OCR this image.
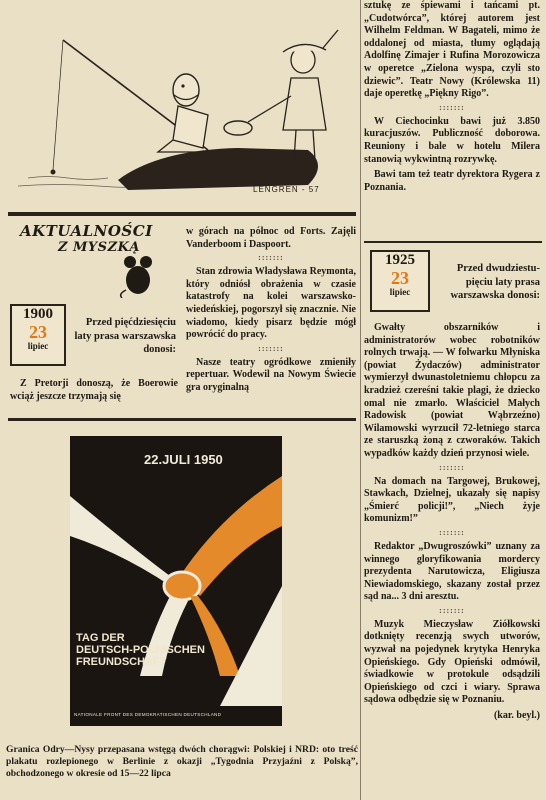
LENGREN - 57

sztukę ze śpiewami i tańcami pt. „Cudotwórca”, której autorem jest Wilhelm Feldman. W Bagateli, mimo że oddalonej od miasta, tłumy oglądają Adolfinę Zimajer i Rufina Morozowicza w operetce „Zielona wyspa, czyli sto dziewic”. Teatr Nowy (Królewska 11) daje operetkę „Piękny Rigo”.

:::::::

W Ciechocinku bawi już 3.850 kuracjuszów. Publiczność doborowa. Reuniony i bale w hotelu Milera stanowią wykwintną rozrywkę.

Bawi tam też teatr dyrektora Rygera z Poznania.

AKTUALNOŚCI
Z MYSZKĄ
1900
23
lipiec
Przed pięćdziesięciu laty prasa warszawska donosi:

Z Pretorji donoszą, że Boerowie wciąż jeszcze trzymają się

w górach na północ od Forts. Zajęli Vanderboom i Daspoort.

:::::::

Stan zdrowia Władysława Reymonta, który odniósł obrażenia w czasie katastrofy na kolei warszawsko-wiedeńskiej, pogorszył się znacznie. Nie wiadomo, kiedy pisarz będzie mógł powrócić do pracy.

:::::::

Nasze teatry ogródkowe zmieniły repertuar. Wodewil na Nowym Świecie gra oryginalną

1925
23
lipiec
Przed dwudziestu-pięciu laty prasa warszawska donosi:

Gwałty obszarników i administratorów wobec robotników rolnych trwają. — W folwarku Młyniska (powiat Żydaczów) administrator wymierzył dwunastoletniemu chłopcu za kradzież czereśni takie plagi, że dziecko omal nie zmarło. Właściciel Małych Radowisk (powiat Wąbrzeźno) Wilamowski wyrzucił 72-letniego starca ze staruszką żoną z czworaków. Takich wypadków każdy dzień przynosi wiele.

:::::::

Na domach na Targowej, Brukowej, Stawkach, Dzielnej, ukazały się napisy „Śmierć policji!”, „Niech żyje komunizm!”

:::::::

Redaktor „Dwugroszówki” uznany za winnego gloryfikowania mordercy prezydenta Narutowicza, Eligiusza Niewiadomskiego, skazany został przez sąd na... 3 dni aresztu.

:::::::

Muzyk Mieczysław Ziółkowski dotknięty recenzją swych utworów, wyzwał na pojedynek krytyka Henryka Opieńskiego. Gdy Opieński odmówił, świadkowie w protokule odsądzili Opieńskiego od czci i wiary. Sprawa sądowa odbędzie się w Poznaniu.

(kar. beyl.)
22.JULI 1950
TAG DER
DEUTSCH-POLNISCHEN
FREUNDSCHAFT
NATIONALE FRONT DES DEMOKRATISCHEN DEUTSCHLAND
Granica Odry—Nysy przepasana wstęgą dwóch chorągwi: Polskiej i NRD: oto treść plakatu rozlepionego w Berlinie z okazji „Tygodnia Przyjaźni z Polską”, obchodzonego w okresie od 15—22 lipca
